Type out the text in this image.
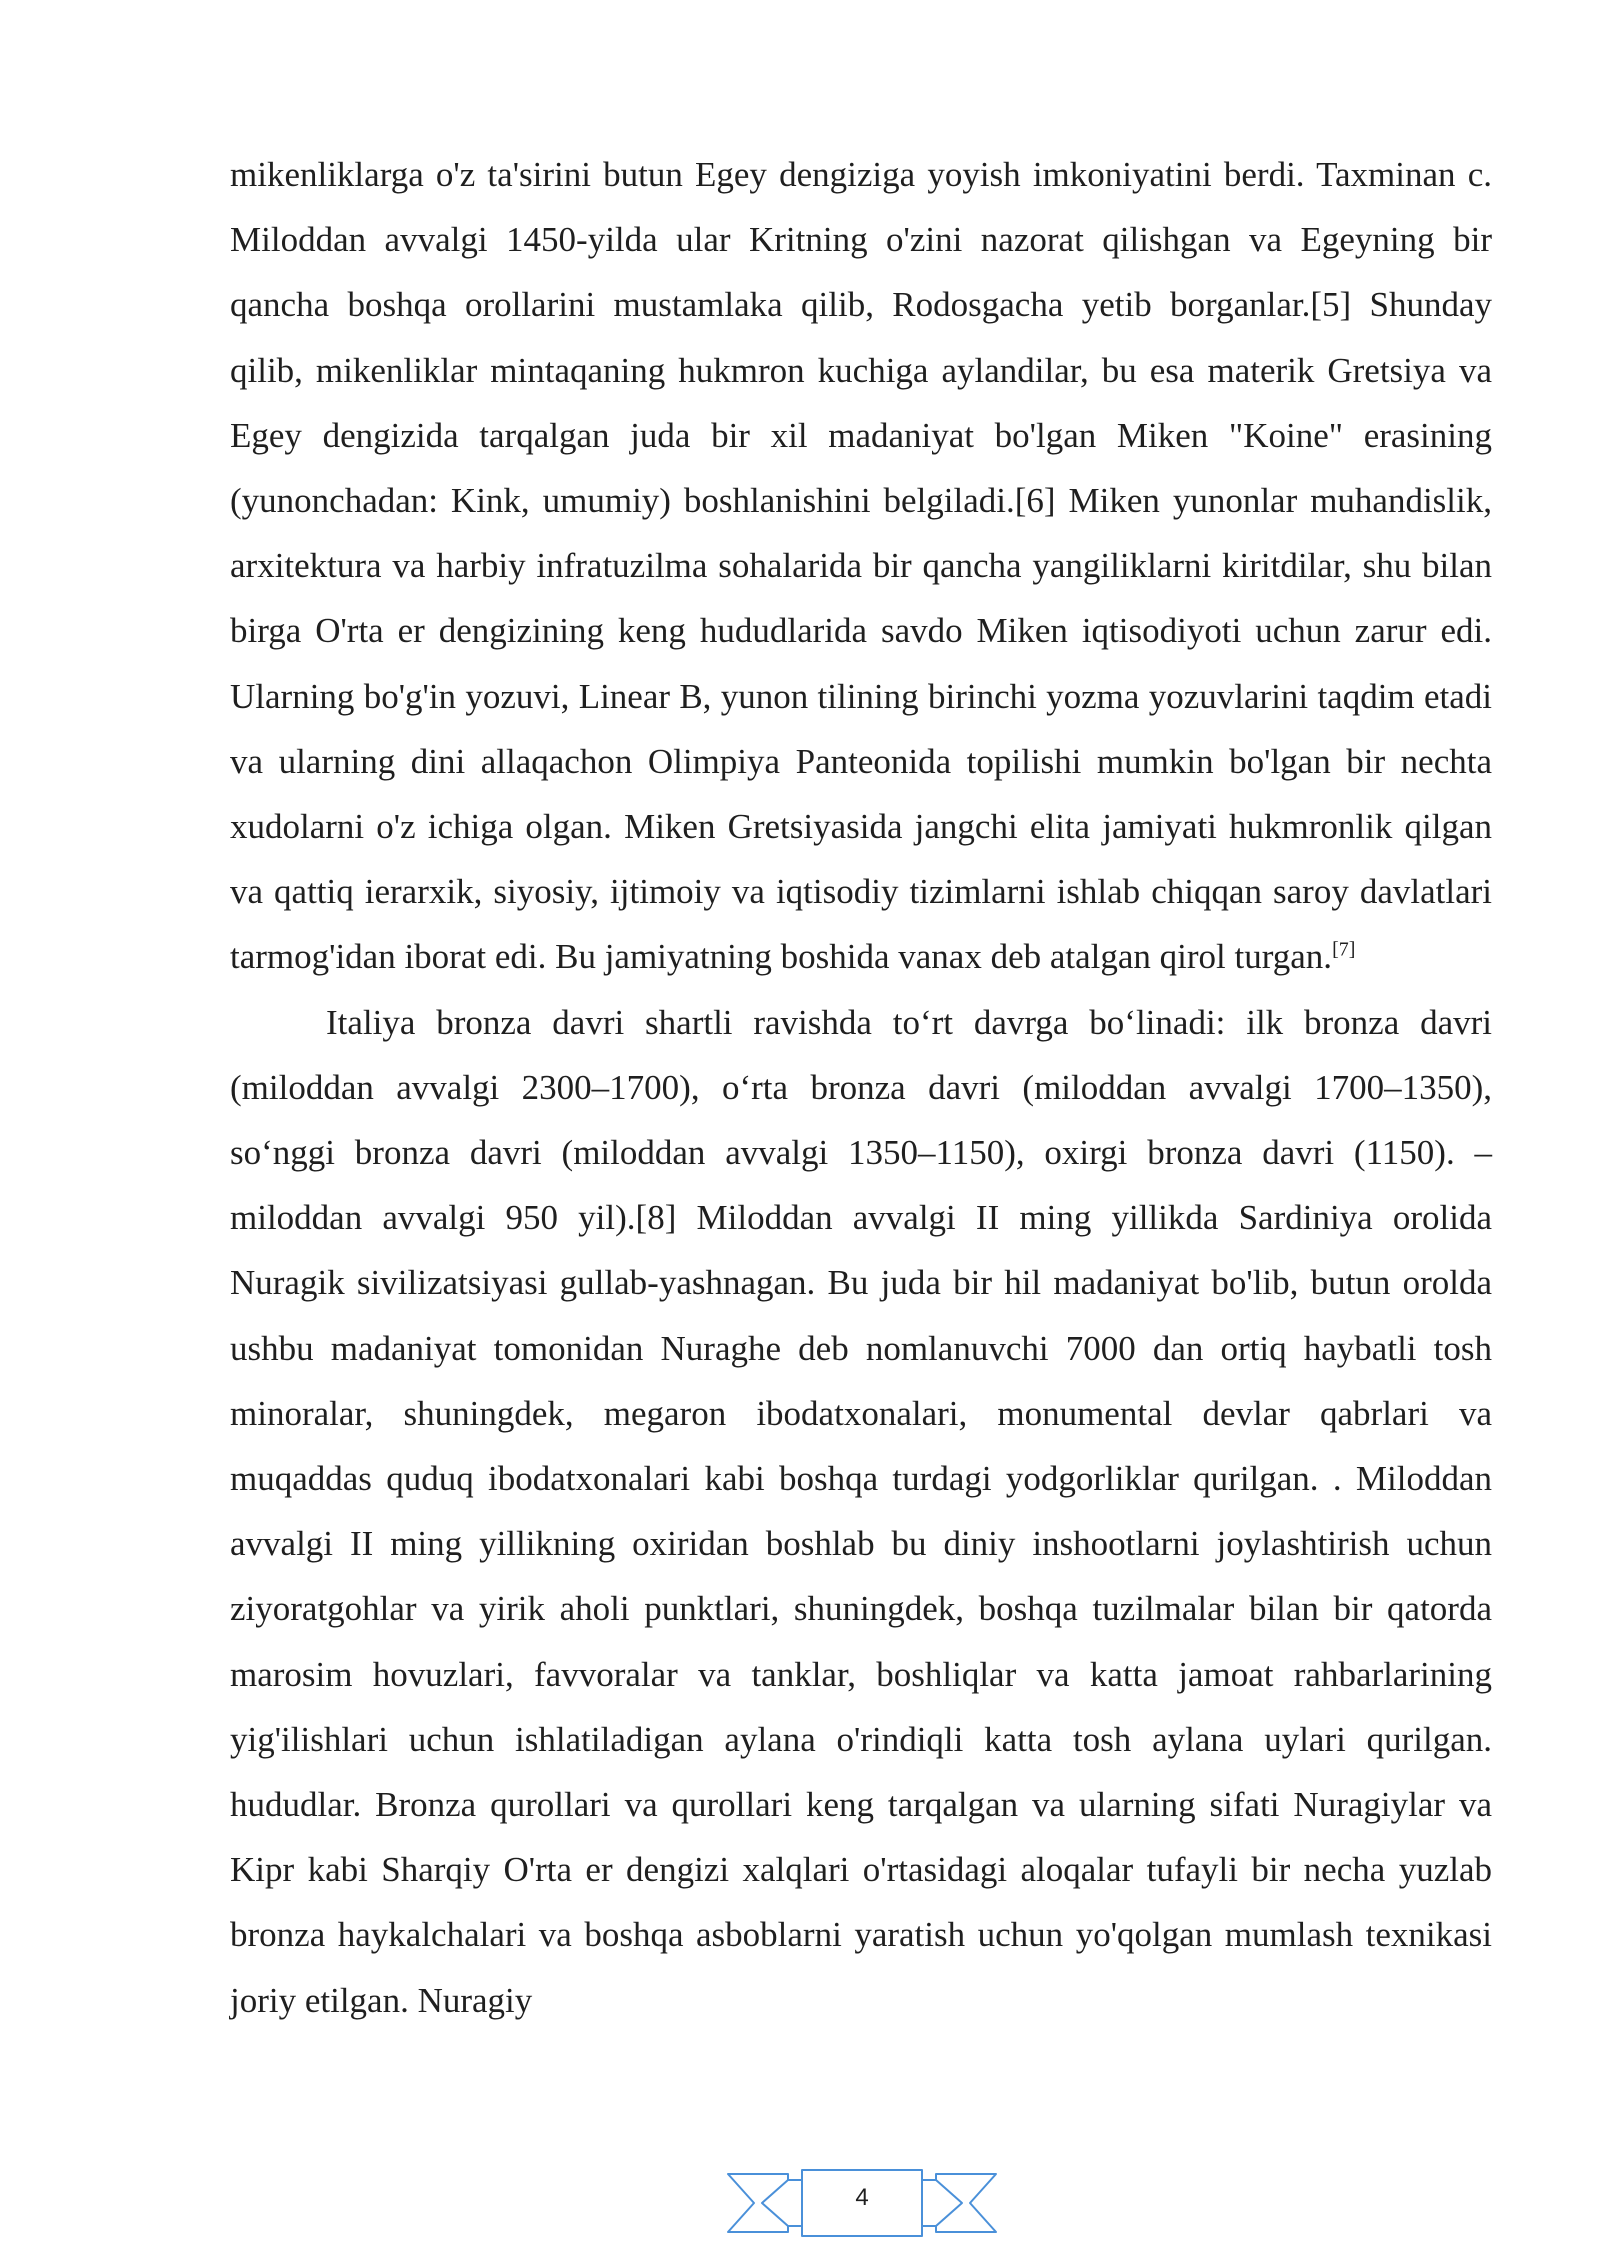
mikenliklarga o'z ta'sirini butun Egey dengiziga yoyish imkoniyatini berdi. Taxminan c. Miloddan avvalgi 1450-yilda ular Kritning o'zini nazorat qilishgan va Egeyning bir qancha boshqa orollarini mustamlaka qilib, Rodosgacha yetib borganlar.[5] Shunday qilib, mikenliklar mintaqaning hukmron kuchiga aylandilar, bu esa materik Gretsiya va Egey dengizida tarqalgan juda bir xil madaniyat bo'lgan Miken "Koine" erasining (yunonchadan: Kink, umumiy) boshlanishini belgiladi.[6] Miken yunonlar muhandislik, arxitektura va harbiy infratuzilma sohalarida bir qancha yangiliklarni kiritdilar, shu bilan birga O'rta er dengizining keng hududlarida savdo Miken iqtisodiyoti uchun zarur edi. Ularning bo'g'in yozuvi, Linear B, yunon tilining birinchi yozma yozuvlarini taqdim etadi va ularning dini allaqachon Olimpiya Panteonida topilishi mumkin bo'lgan bir nechta xudolarni o'z ichiga olgan. Miken Gretsiyasida jangchi elita jamiyati hukmronlik qilgan va qattiq ierarxik, siyosiy, ijtimoiy va iqtisodiy tizimlarni ishlab chiqqan saroy davlatlari tarmog'idan iborat edi. Bu jamiyatning boshida vanax deb atalgan qirol turgan.[7]

Italiya bronza davri shartli ravishda to‘rt davrga bo‘linadi: ilk bronza davri (miloddan avvalgi 2300–1700), o‘rta bronza davri (miloddan avvalgi 1700–1350), so‘nggi bronza davri (miloddan avvalgi 1350–1150), oxirgi bronza davri (1150). – miloddan avvalgi 950 yil).[8] Miloddan avvalgi II ming yillikda Sardiniya orolida Nuragik sivilizatsiyasi gullab-yashnagan. Bu juda bir hil madaniyat bo'lib, butun orolda ushbu madaniyat tomonidan Nuraghe deb nomlanuvchi 7000 dan ortiq haybatli tosh minoralar, shuningdek, megaron ibodatxonalari, monumental devlar qabrlari va muqaddas quduq ibodatxonalari kabi boshqa turdagi yodgorliklar qurilgan. . Miloddan avvalgi II ming yillikning oxiridan boshlab bu diniy inshootlarni joylashtirish uchun ziyoratgohlar va yirik aholi punktlari, shuningdek, boshqa tuzilmalar bilan bir qatorda marosim hovuzlari, favvoralar va tanklar, boshliqlar va katta jamoat rahbarlarining yig'ilishlari uchun ishlatiladigan aylana o'rindiqli katta tosh aylana uylari qurilgan. hududlar. Bronza qurollari va qurollari keng tarqalgan va ularning sifati Nuragiylar va Kipr kabi Sharqiy O'rta er dengizi xalqlari o'rtasidagi aloqalar tufayli bir necha yuzlab bronza haykalchalari va boshqa asboblarni yaratish uchun yo'qolgan mumlash texnikasi joriy etilgan. Nuragiy

4
